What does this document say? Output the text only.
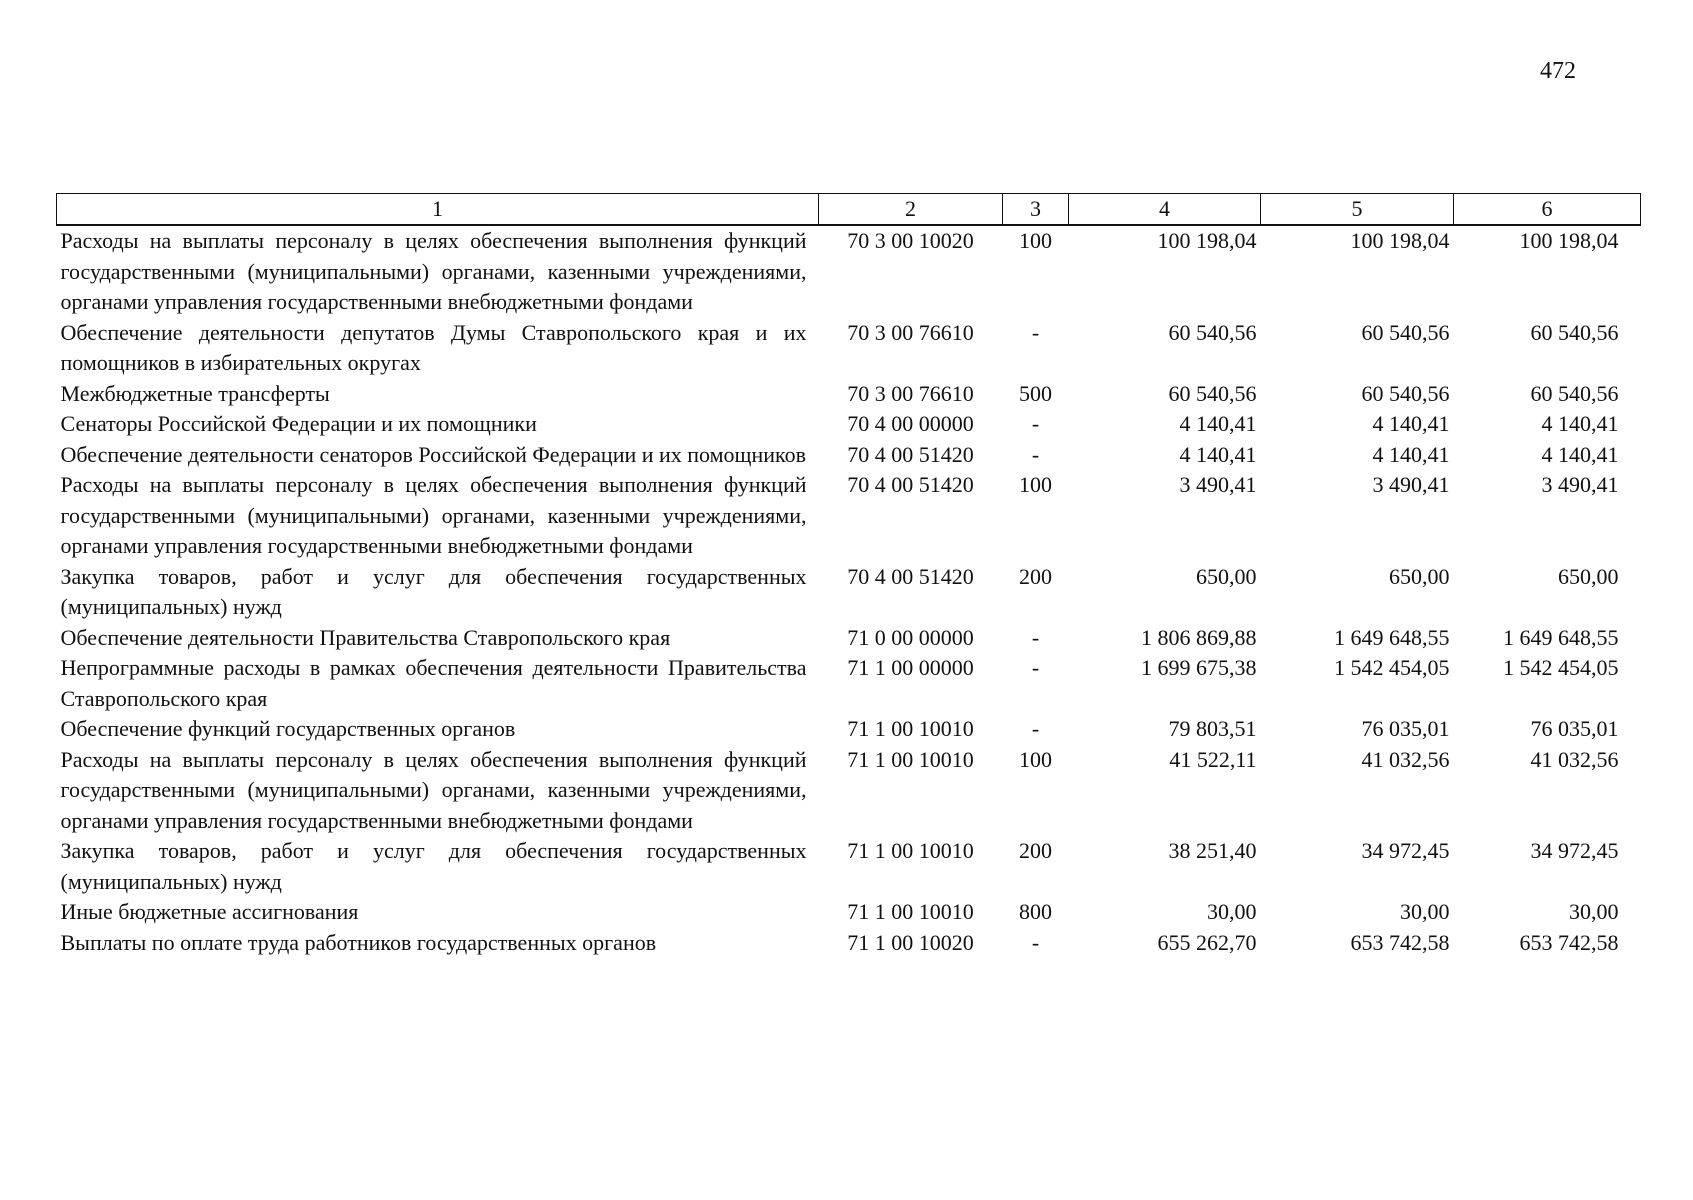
472
1	2	3	4	5	6
Расходы на выплаты персоналу в целях обеспечения выполнения функций государственными (муниципальными) органами, казенными учреждениями, органами управления государственными внебюджетными фондами	70 3 00 10020	100	100 198,04	100 198,04	100 198,04
Обеспечение деятельности депутатов Думы Ставропольского края и их помощников в избирательных округах	70 3 00 76610	-	60 540,56	60 540,56	60 540,56
Межбюджетные трансферты	70 3 00 76610	500	60 540,56	60 540,56	60 540,56
Сенаторы Российской Федерации и их помощники	70 4 00 00000	-	4 140,41	4 140,41	4 140,41
Обеспечение деятельности сенаторов Российской Федерации и их помощников	70 4 00 51420	-	4 140,41	4 140,41	4 140,41
Расходы на выплаты персоналу в целях обеспечения выполнения функций государственными (муниципальными) органами, казенными учреждениями, органами управления государственными внебюджетными фондами	70 4 00 51420	100	3 490,41	3 490,41	3 490,41
Закупка товаров, работ и услуг для обеспечения государственных (муниципальных) нужд	70 4 00 51420	200	650,00	650,00	650,00
Обеспечение деятельности Правительства Ставропольского края	71 0 00 00000	-	1 806 869,88	1 649 648,55	1 649 648,55
Непрограммные расходы в рамках обеспечения деятельности Правительства Ставропольского края	71 1 00 00000	-	1 699 675,38	1 542 454,05	1 542 454,05
Обеспечение функций государственных органов	71 1 00 10010	-	79 803,51	76 035,01	76 035,01
Расходы на выплаты персоналу в целях обеспечения выполнения функций государственными (муниципальными) органами, казенными учреждениями, органами управления государственными внебюджетными фондами	71 1 00 10010	100	41 522,11	41 032,56	41 032,56
Закупка товаров, работ и услуг для обеспечения государственных (муниципальных) нужд	71 1 00 10010	200	38 251,40	34 972,45	34 972,45
Иные бюджетные ассигнования	71 1 00 10010	800	30,00	30,00	30,00
Выплаты по оплате труда работников государственных органов	71 1 00 10020	-	655 262,70	653 742,58	653 742,58
